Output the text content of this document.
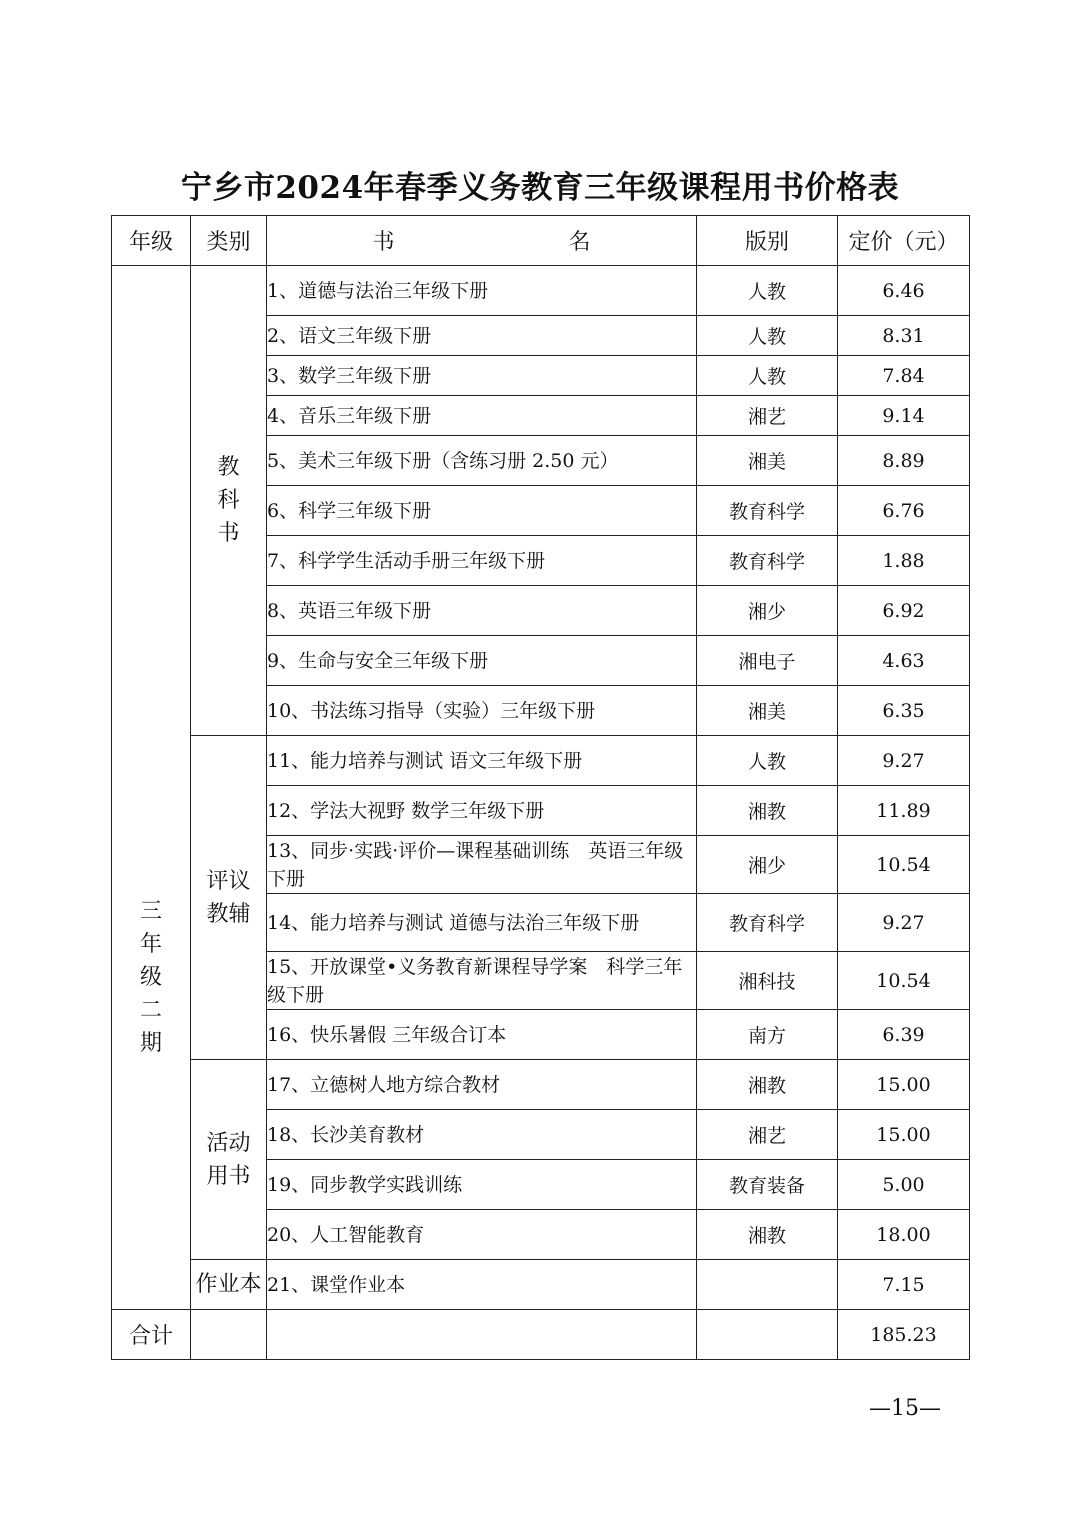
宁乡市2024年春季义务教育三年级课程用书价格表
年级	类别	书 名	版别	定价（元）
三年级二期	教科书	1、道德与法治三年级下册	人教	6.46
		2、语文三年级下册	人教	8.31
		3、数学三年级下册	人教	7.84
		4、音乐三年级下册	湘艺	9.14
		5、美术三年级下册（含练习册 2.50 元）	湘美	8.89
		6、科学三年级下册	教育科学	6.76
		7、科学学生活动手册三年级下册	教育科学	1.88
		8、英语三年级下册	湘少	6.92
		9、生命与安全三年级下册	湘电子	4.63
		10、书法练习指导（实验）三年级下册	湘美	6.35
	评议教辅	11、能力培养与测试 语文三年级下册	人教	9.27
		12、学法大视野 数学三年级下册	湘教	11.89
		13、同步·实践·评价—课程基础训练　英语三年级下册	湘少	10.54
		14、能力培养与测试 道德与法治三年级下册	教育科学	9.27
		15、开放课堂•义务教育新课程导学案　科学三年级下册	湘科技	10.54
		16、快乐暑假 三年级合订本	南方	6.39
	活动用书	17、立德树人地方综合教材	湘教	15.00
		18、长沙美育教材	湘艺	15.00
		19、同步教学实践训练	教育装备	5.00
		20、人工智能教育	湘教	18.00
	作业本	21、课堂作业本		7.15
合计				185.23
—15—
